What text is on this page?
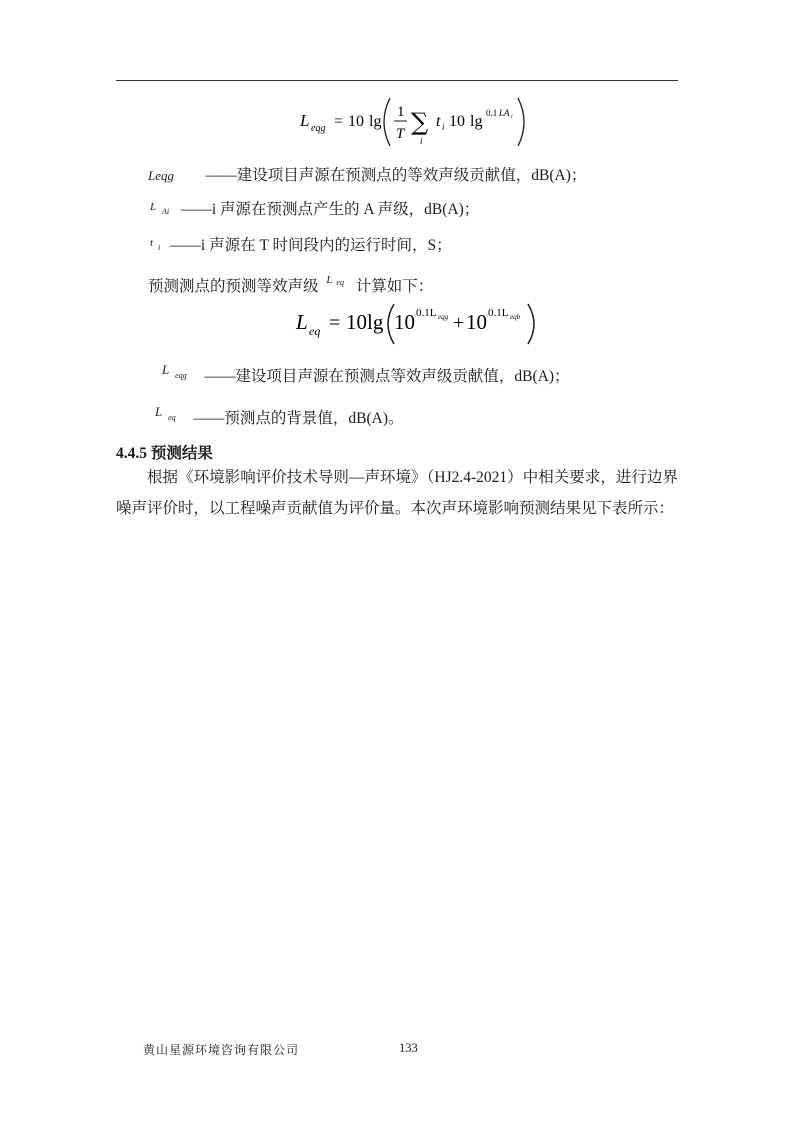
L eqg = 10 lg
1
T ∑
i
t i 10 lg 0.1 LA i
Leqg ——建设项目声源在预测点的等效声级贡献值，dB(A)；
$^L$ Ai ——i 声源在预测点产生的 A 声级，dB(A)；
$^t$ i ——i 声源在 T 时间段内的运行时间，S；
预测测点的预测等效声级 $^L$ $^{eq}$ 计算如下：
L eq = 10lg 10 0.1L eqg + 10 0.1L eqb
$^L$ eqg ——建设项目声源在预测点等效声级贡献值，dB(A)；
$^L$ eq ——预测点的背景值，dB(A)。
4.4.5 预测结果
根据《环境影响评价技术导则—声环境》（HJ2.4-2021）中相关要求，进行边界噪声评价时，以工程噪声贡献值为评价量。本次声环境影响预测结果见下表所示：
黄山星源环境咨询有限公司	133
